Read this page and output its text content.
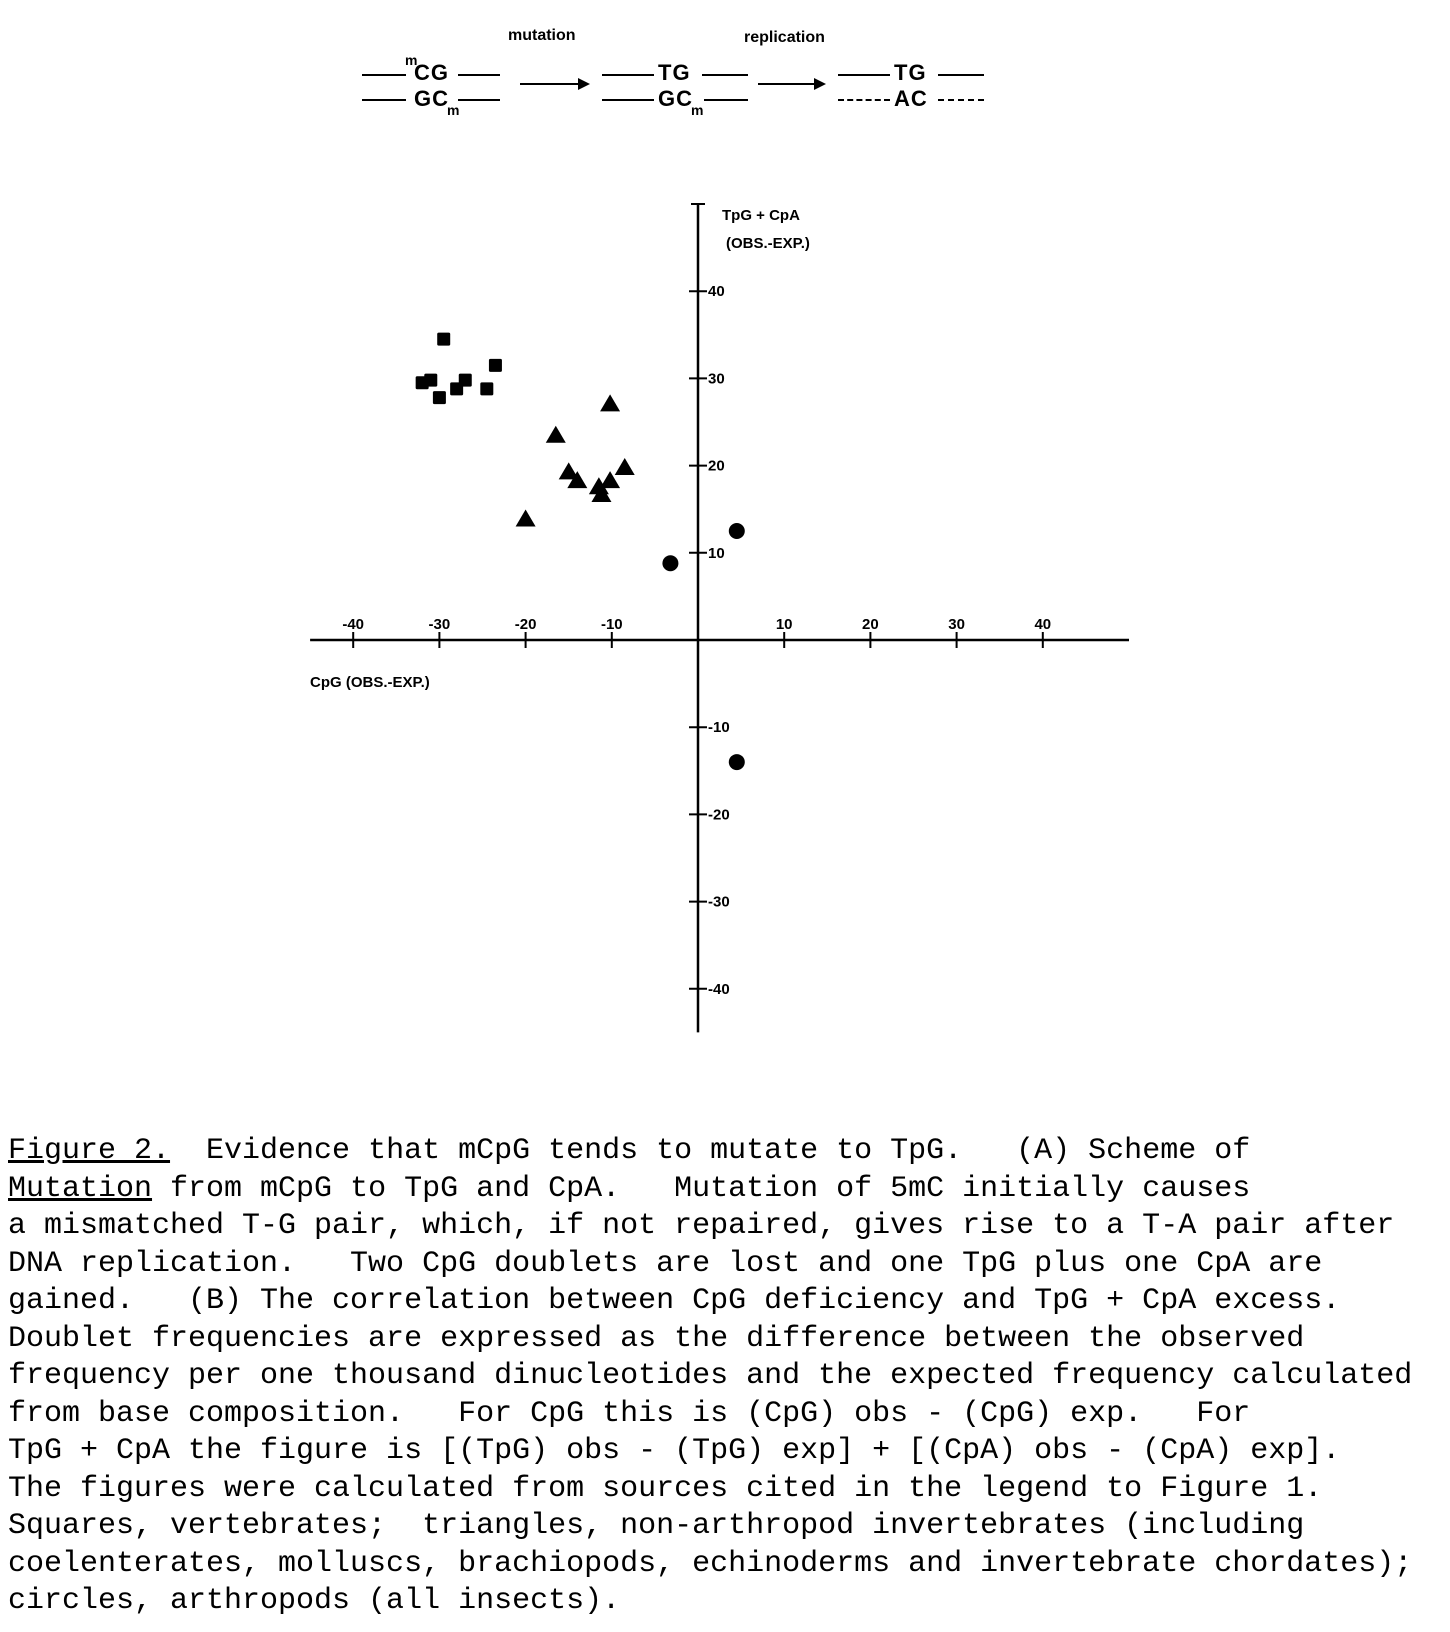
mutation	replication
m
CG
GC
m
TG
GC
m
TG
AC
-40	-30	-20	-10	10	20	30	40
40
30
20
10
-10
-20
-30
-40
TpG + CpA
(OBS.-EXP.)
CpG (OBS.-EXP.)

Figure 2.  Evidence that mCpG tends to mutate to TpG.   (A) Scheme of

Mutation from mCpG to TpG and CpA.   Mutation of 5mC initially causes

a mismatched T-G pair, which, if not repaired, gives rise to a T-A pair after

DNA replication.   Two CpG doublets are lost and one TpG plus one CpA are

gained.   (B) The correlation between CpG deficiency and TpG + CpA excess.

Doublet frequencies are expressed as the difference between the observed

frequency per one thousand dinucleotides and the expected frequency calculated

from base composition.   For CpG this is (CpG) obs - (CpG) exp.   For

TpG + CpA the figure is [(TpG) obs - (TpG) exp] + [(CpA) obs - (CpA) exp].

The figures were calculated from sources cited in the legend to Figure 1.

Squares, vertebrates;  triangles, non-arthropod invertebrates (including

coelenterates, molluscs, brachiopods, echinoderms and invertebrate chordates);

circles, arthropods (all insects).
